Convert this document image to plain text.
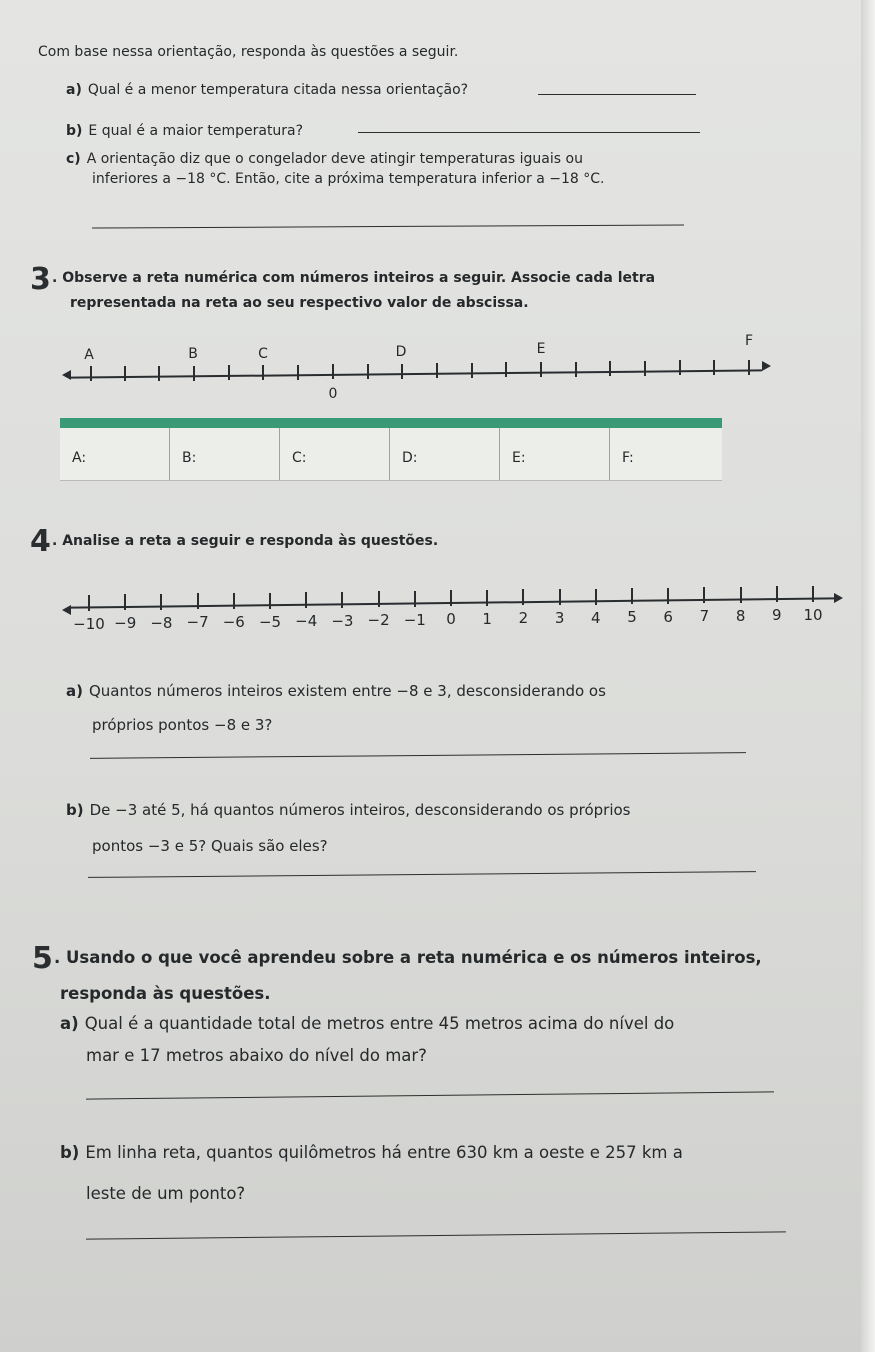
Com base nessa orientação, responda às questões a seguir.
a) Qual é a menor temperatura citada nessa orientação?
b) E qual é a maior temperatura?
c) A orientação diz que o congelador deve atingir temperaturas iguais ou
inferiores a −18 °C. Então, cite a próxima temperatura inferior a −18 °C.
3 . Observe a reta numérica com números inteiros a seguir. Associe cada letra
representada na reta ao seu respectivo valor de abscissa.
A	B	C	D	E	F
0
A:	B:	C:	D:	E:	F:
4 . Analise a reta a seguir e responda às questões.
−10 −9 −8 −7 −6 −5 −4 −3 −2 −1	0	1	2	3	4	5	6	7	8	9	10
a) Quantos números inteiros existem entre −8 e 3, desconsiderando os
próprios pontos −8 e 3?
b) De −3 até 5, há quantos números inteiros, desconsiderando os próprios
pontos −3 e 5? Quais são eles?
5 . Usando o que você aprendeu sobre a reta numérica e os números inteiros,
responda às questões.
a) Qual é a quantidade total de metros entre 45 metros acima do nível do
mar e 17 metros abaixo do nível do mar?
b) Em linha reta, quantos quilômetros há entre 630 km a oeste e 257 km a
leste de um ponto?
